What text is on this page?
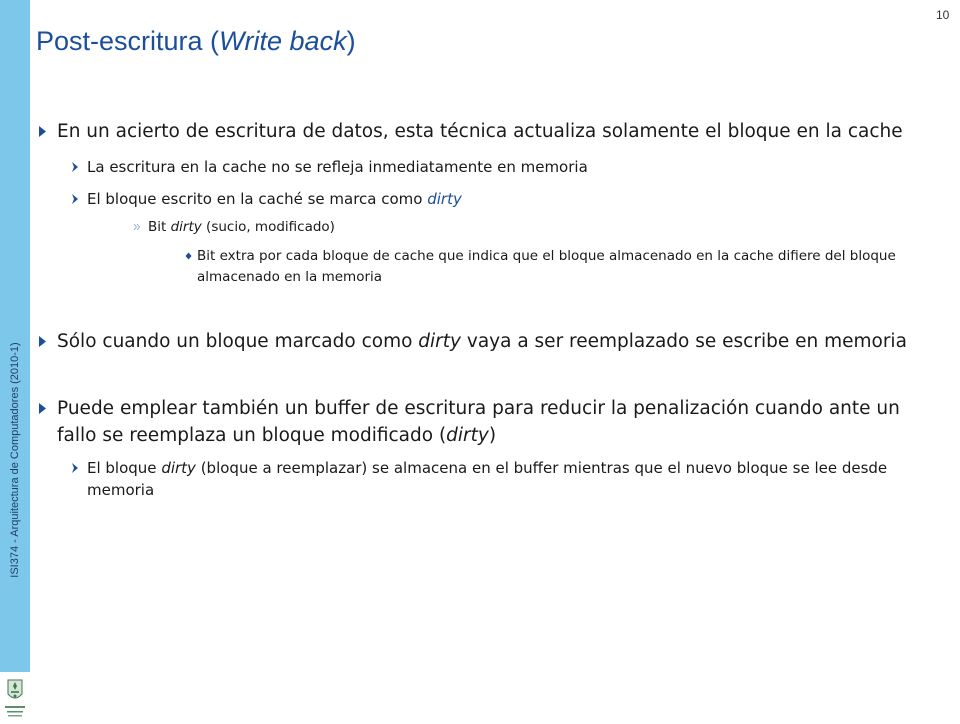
ISI374 - Arquitectura de Computadores (2010-1)
10
Post-escritura (Write back)
En un acierto de escritura de datos, esta técnica actualiza solamente el bloque en la cache
La escritura en la cache no se refleja inmediatamente en memoria
El bloque escrito en la caché se marca como dirty
Bit dirty (sucio, modificado)
Bit extra por cada bloque de cache que indica que el bloque almacenado en la cache difiere del bloque almacenado en la memoria
Sólo cuando un bloque marcado como dirty vaya a ser reemplazado se escribe en memoria
Puede emplear también un buffer de escritura para reducir la penalización cuando ante un fallo se reemplaza un bloque modificado (dirty)
El bloque dirty (bloque a reemplazar) se almacena en el buffer mientras que el nuevo bloque se lee desde memoria
